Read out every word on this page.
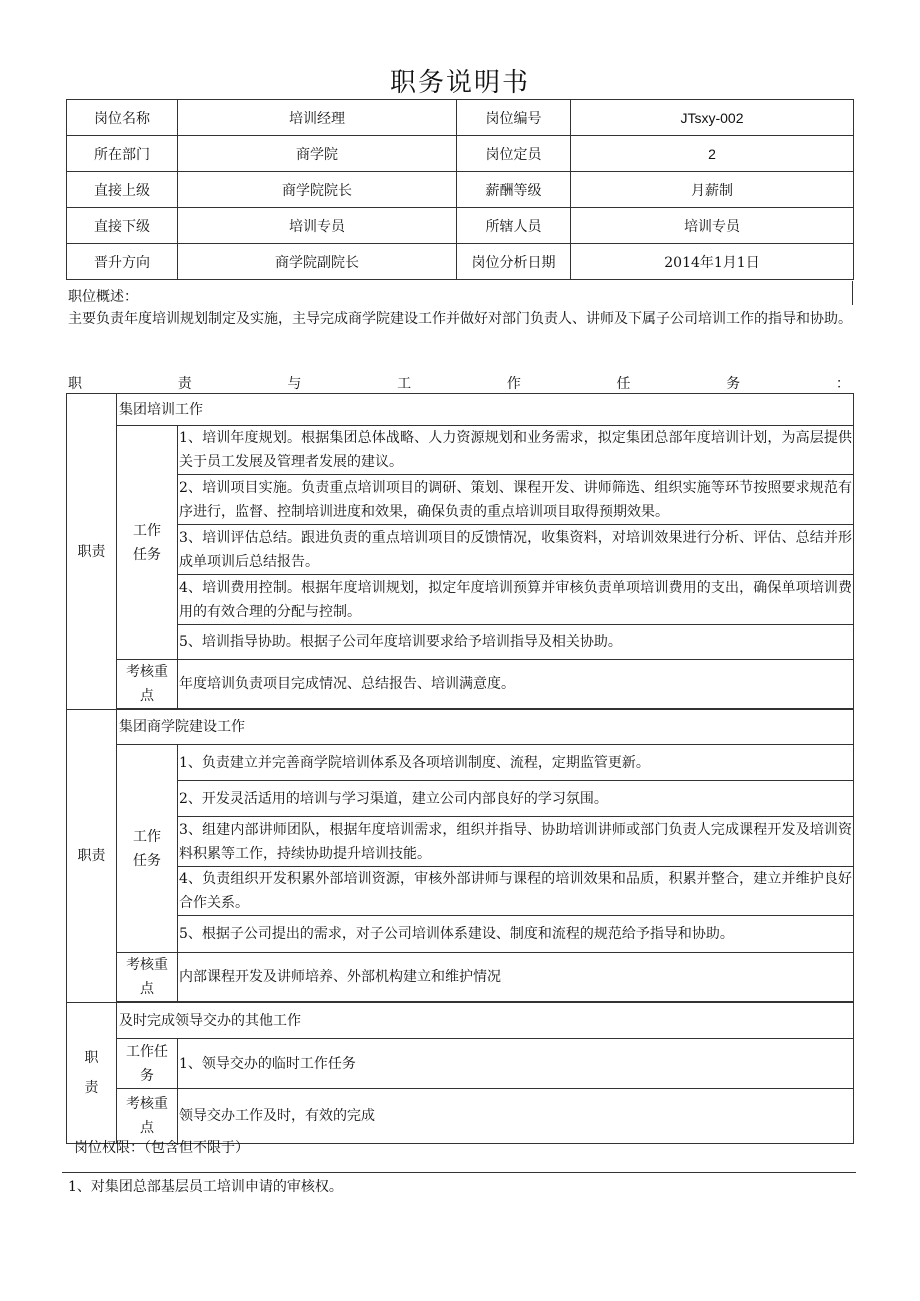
职务说明书
岗位名称	培训经理	岗位编号	JTsxy-002
所在部门	商学院	岗位定员	2
直接上级	商学院院长	薪酬等级	月薪制
直接下级	培训专员	所辖人员	培训专员
晋升方向	商学院副院长	岗位分析日期	2014年1月1日
职位概述：
主要负责年度培训规划制定及实施，主导完成商学院建设工作并做好对部门负责人、讲师及下属子公司培训工作的指导和协助。
职	责	与	工	作	任	务	：
职责	集团培训工作	

	工作任务	1、培训年度规划。根据集团总体战略、人力资源规划和业务需求，拟定集团总部年度培训计划，为高层提供关于员工发展及管理者发展的建议。
		2、培训项目实施。负责重点培训项目的调研、策划、课程开发、讲师筛选、组织实施等环节按照要求规范有序进行，监督、控制培训进度和效果，确保负责的重点培训项目取得预期效果。
		3、培训评估总结。跟进负责的重点培训项目的反馈情况，收集资料，对培训效果进行分析、评估、总结并形成单项训后总结报告。
		4、培训费用控制。根据年度培训规划，拟定年度培训预算并审核负责单项培训费用的支出，确保单项培训费用的有效合理的分配与控制。
		5、培训指导协助。根据子公司年度培训要求给予培训指导及相关协助。

	考核重点	年度培训负责项目完成情况、总结报告、培训满意度。

职责	集团商学院建设工作	

	工作任务	1、负责建立并完善商学院培训体系及各项培训制度、流程，定期监管更新。
		2、开发灵活适用的培训与学习渠道，建立公司内部良好的学习氛围。
		3、组建内部讲师团队，根据年度培训需求，组织并指导、协助培训讲师或部门负责人完成课程开发及培训资料积累等工作，持续协助提升培训技能。
		4、负责组织开发积累外部培训资源，审核外部讲师与课程的培训效果和品质，积累并整合，建立并维护良好合作关系。
		5、根据子公司提出的需求，对子公司培训体系建设、制度和流程的规范给予指导和协助。

	考核重点	内部课程开发及讲师培养、外部机构建立和维护情况

职责	及时完成领导交办的其他工作	

	工作任务	1、领导交办的临时工作任务

	考核重点	领导交办工作及时，有效的完成
岗位权限：（包含但不限于）
1、对集团总部基层员工培训申请的审核权。
